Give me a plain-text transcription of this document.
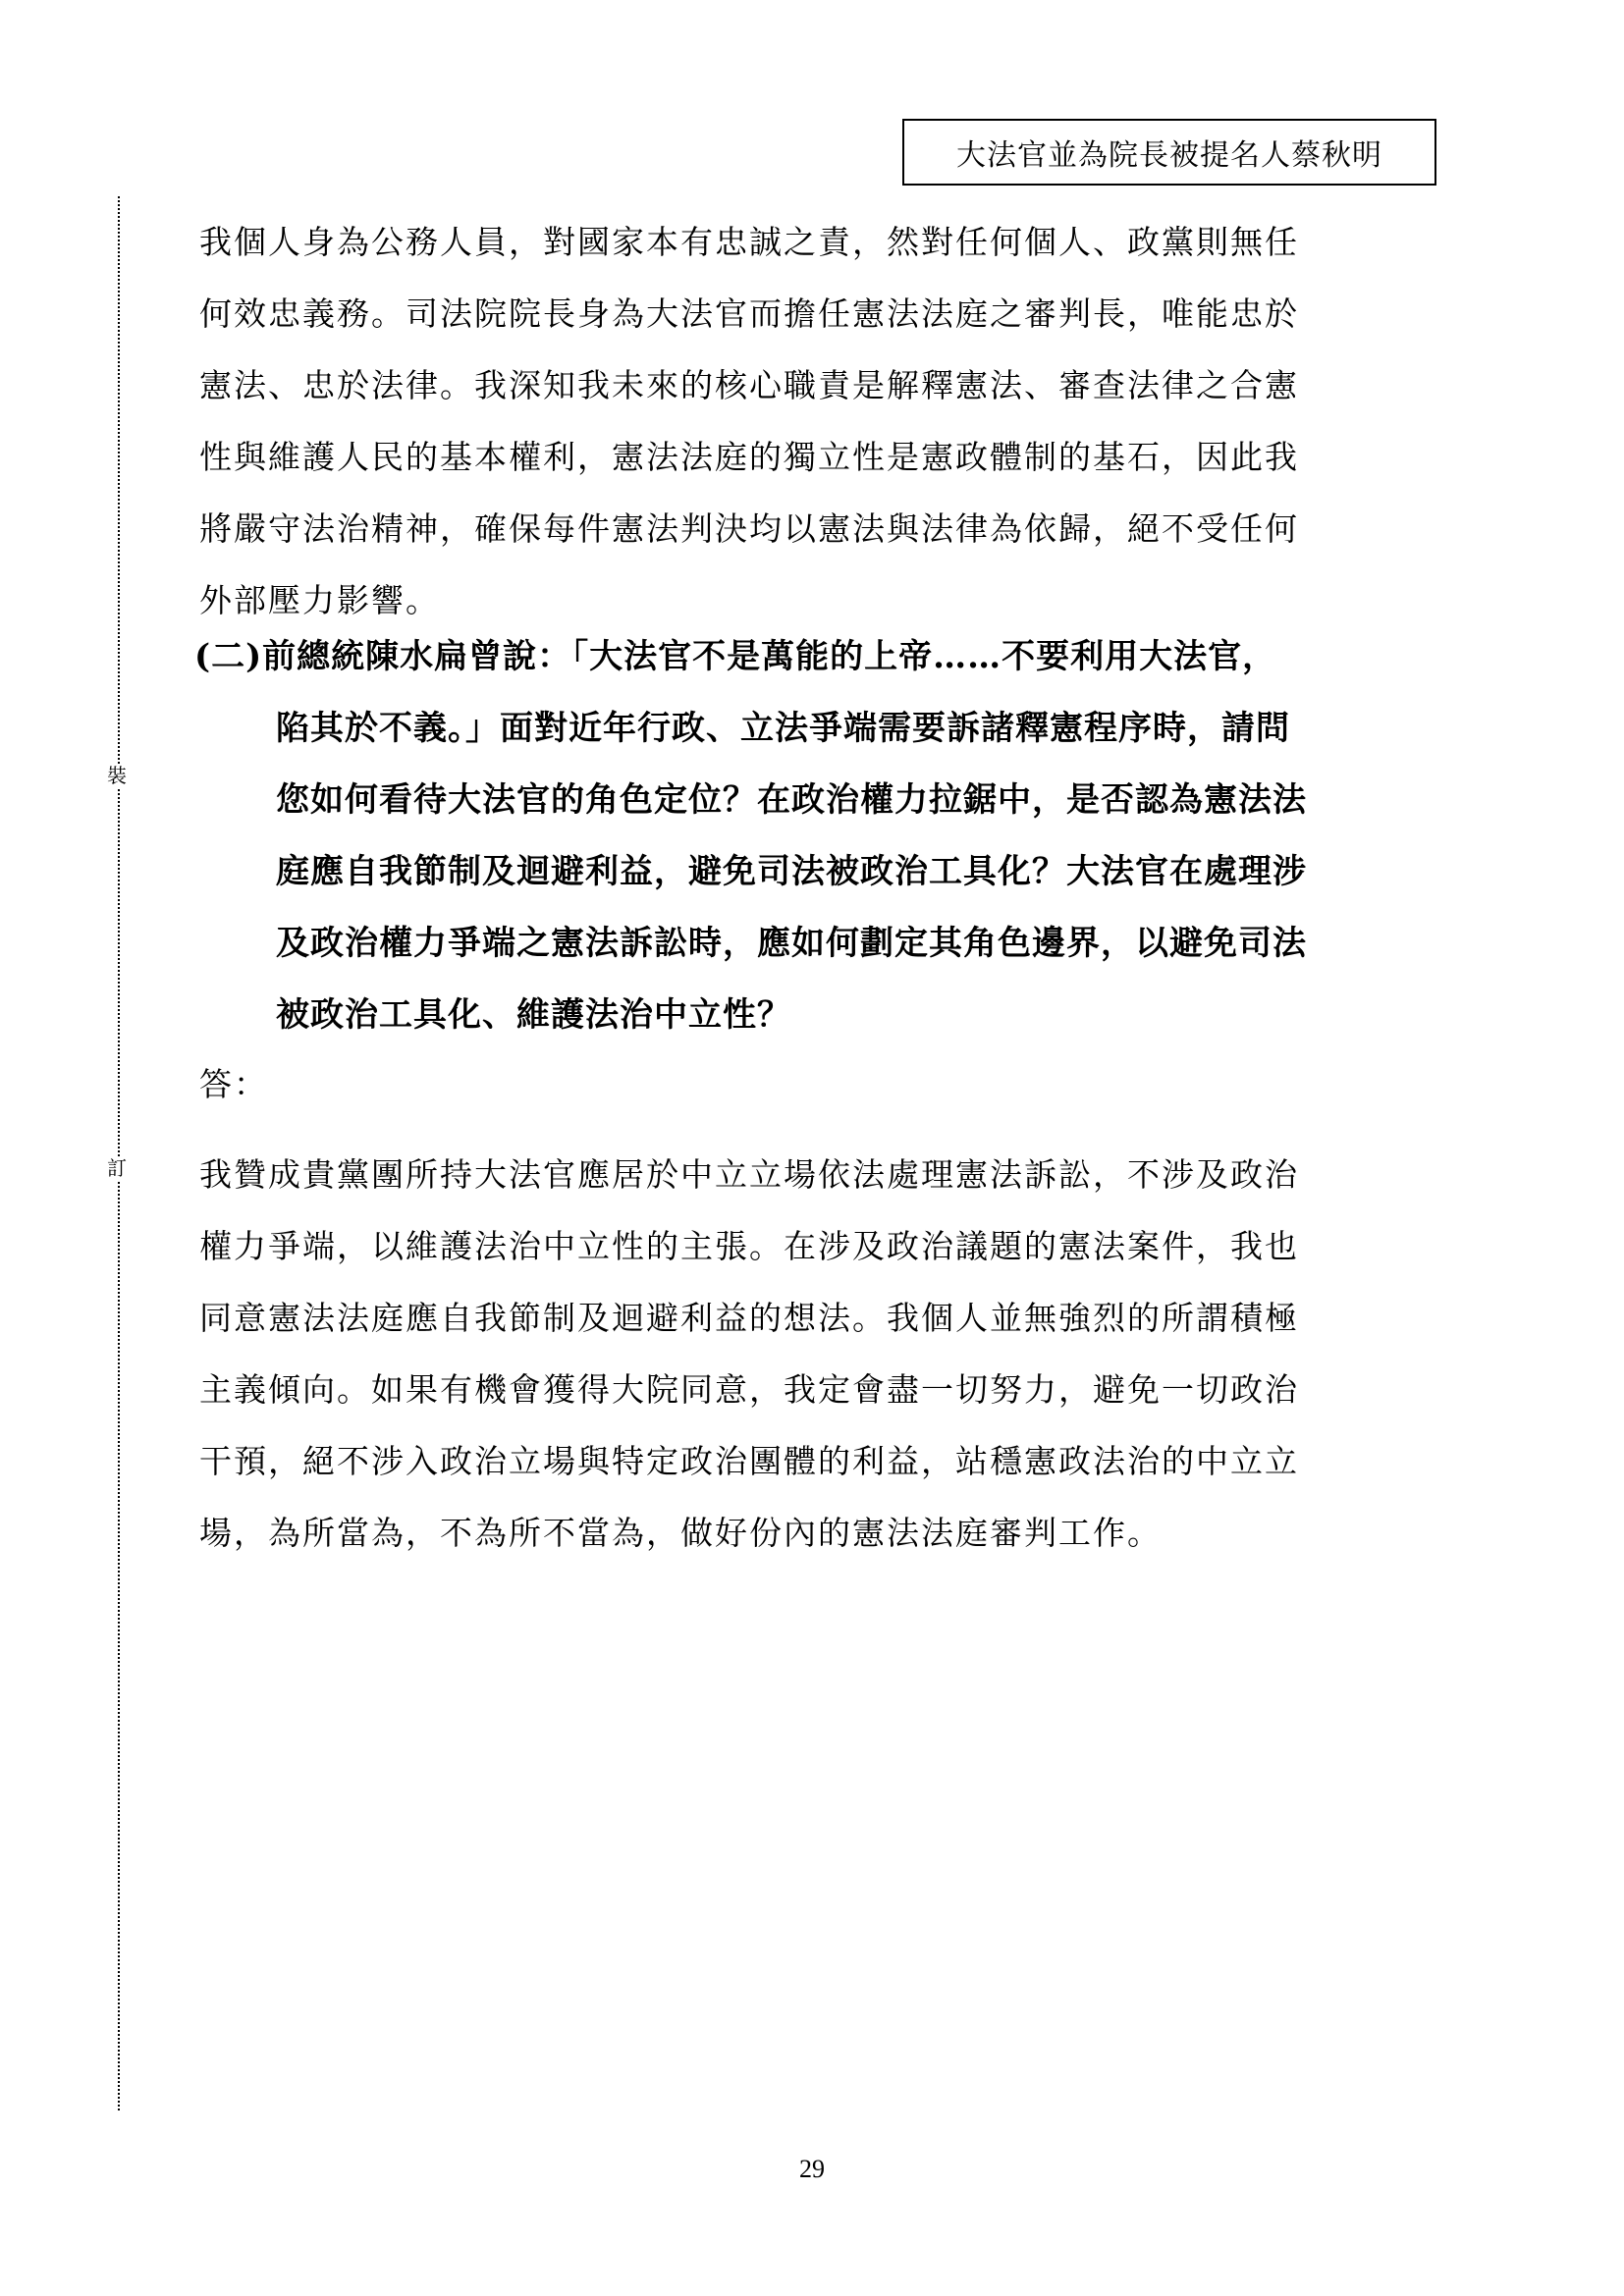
大法官並為院長被提名人蔡秋明
裝
訂
我個人身為公務人員，對國家本有忠誠之責，然對任何個人、政黨則無任
何效忠義務。司法院院長身為大法官而擔任憲法法庭之審判長，唯能忠於
憲法、忠於法律。我深知我未來的核心職責是解釋憲法、審查法律之合憲
性與維護人民的基本權利，憲法法庭的獨立性是憲政體制的基石，因此我
將嚴守法治精神，確保每件憲法判決均以憲法與法律為依歸，絕不受任何
外部壓力影響。
(二)前總統陳水扁曾說：「大法官不是萬能的上帝……不要利用大法官，
陷其於不義。」面對近年行政、立法爭端需要訴諸釋憲程序時，請問
您如何看待大法官的角色定位？在政治權力拉鋸中，是否認為憲法法
庭應自我節制及迴避利益，避免司法被政治工具化？大法官在處理涉
及政治權力爭端之憲法訴訟時，應如何劃定其角色邊界，以避免司法
被政治工具化、維護法治中立性？
答：
我贊成貴黨團所持大法官應居於中立立場依法處理憲法訴訟，不涉及政治
權力爭端，以維護法治中立性的主張。在涉及政治議題的憲法案件，我也
同意憲法法庭應自我節制及迴避利益的想法。我個人並無強烈的所謂積極
主義傾向。如果有機會獲得大院同意，我定會盡一切努力，避免一切政治
干預，絕不涉入政治立場與特定政治團體的利益，站穩憲政法治的中立立
場，為所當為，不為所不當為，做好份內的憲法法庭審判工作。
29
